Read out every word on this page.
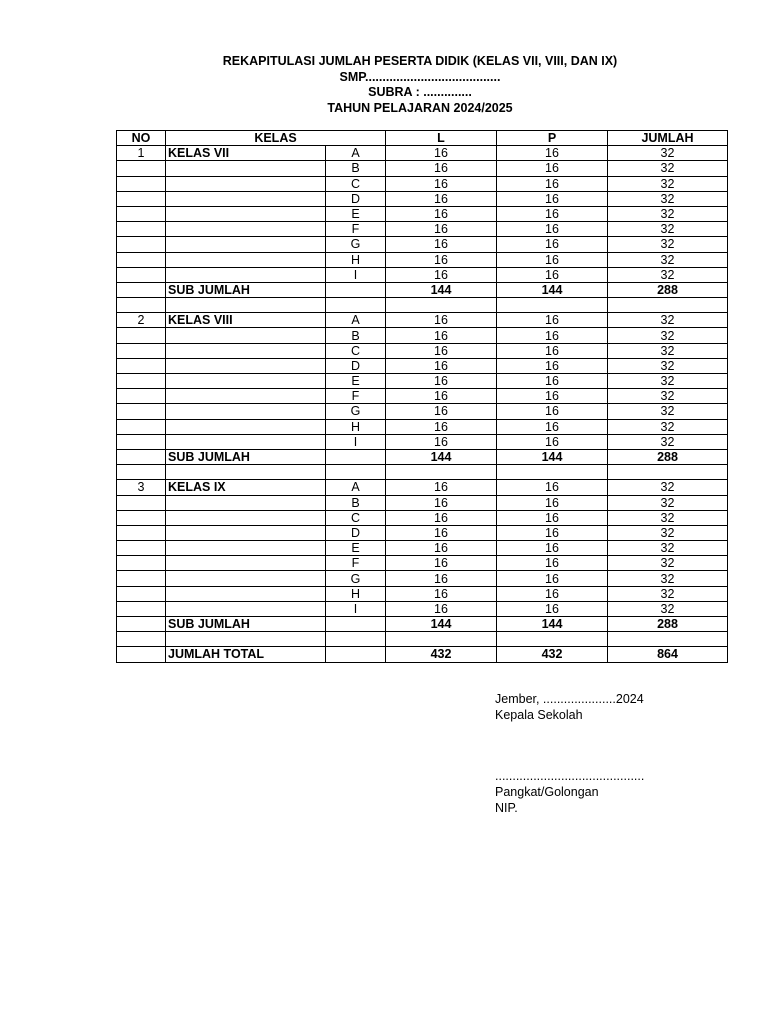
REKAPITULASI JUMLAH PESERTA DIDIK (KELAS VII, VIII, DAN IX)
SMP.......................................
SUBRA : ..............
TAHUN PELAJARAN 2024/2025
NO	KELAS		L	P	JUMLAH
1	KELAS VII	A	16	16	32
		B	16	16	32
		C	16	16	32
		D	16	16	32
		E	16	16	32
		F	16	16	32
		G	16	16	32
		H	16	16	32
		I	16	16	32
	SUB JUMLAH		144	144	288

2	KELAS VIII	A	16	16	32
		B	16	16	32
		C	16	16	32
		D	16	16	32
		E	16	16	32
		F	16	16	32
		G	16	16	32
		H	16	16	32
		I	16	16	32
	SUB JUMLAH		144	144	288

3	KELAS IX	A	16	16	32
		B	16	16	32
		C	16	16	32
		D	16	16	32
		E	16	16	32
		F	16	16	32
		G	16	16	32
		H	16	16	32
		I	16	16	32
	SUB JUMLAH		144	144	288

	JUMLAH TOTAL		432	432	864
Jember, .....................2024
Kepala Sekolah
...........................................
Pangkat/Golongan
NIP.
